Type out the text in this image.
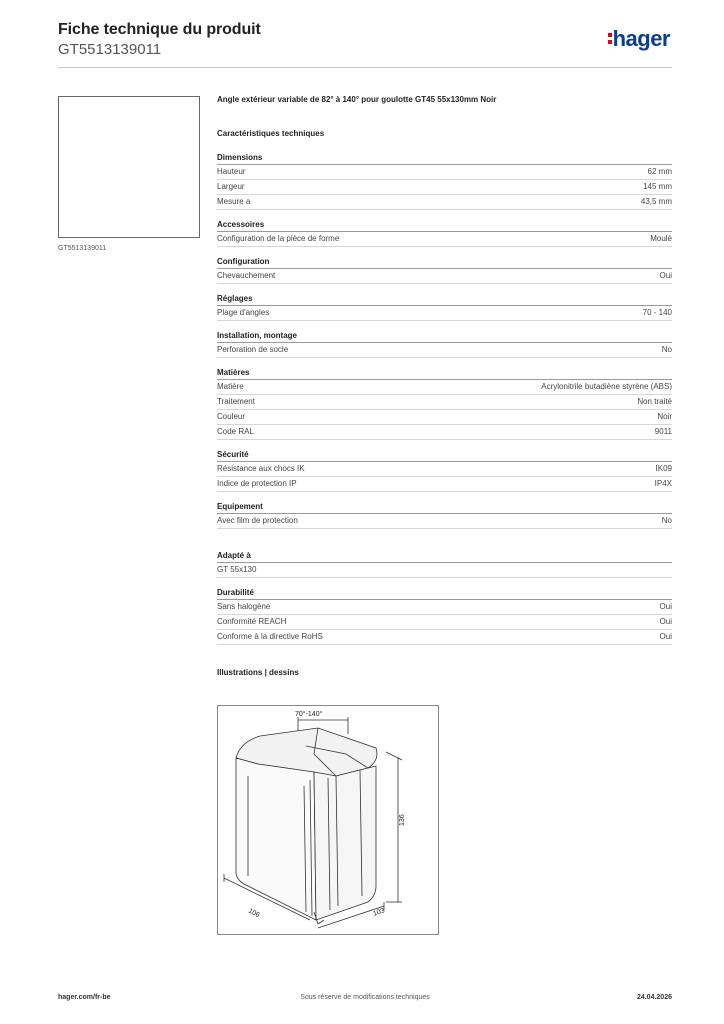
Fiche technique du produit
GT5513139011	hager
GT5513139011
Angle extérieur variable de 82° à 140° pour goulotte GT45 55x130mm Noir
Caractéristiques techniques
Dimensions
Hauteur	62 mm
Largeur	145 mm
Mesure a	43,5 mm
Accessoires
Configuration de la pièce de forme	Moulé
Configuration
Chevauchement	Oui
Réglages
Plage d'angles	70 - 140
Installation, montage
Perforation de socle	No
Matières
Matière	Acrylonitrile butadiène styrène (ABS)
Traitement	Non traité
Couleur	Noir
Code RAL	9011
Sécurité
Résistance aux chocs IK	IK09
Indice de protection IP	IP4X
Equipement
Avec film de protection	No
Adapté à
GT 55x130
Durabilité
Sans halogène	Oui
Conformité REACH	Oui
Conforme à la directive RoHS	Oui
Illustrations | dessins
70°-140°
136
106	103
hager.com/fr-be	Sous réserve de modifications techniques	24.04.2026
